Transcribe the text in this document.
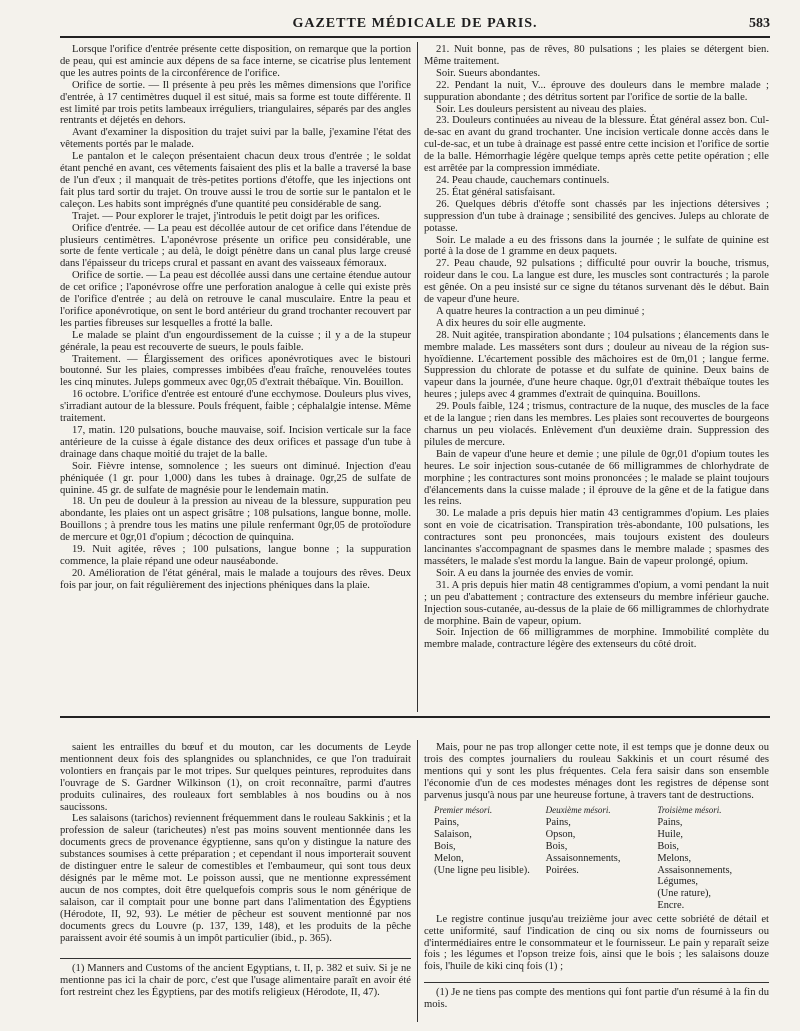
GAZETTE MÉDICALE DE PARIS.	583

Lorsque l'orifice d'entrée présente cette disposition, on remarque que la portion de peau, qui est amincie aux dépens de sa face interne, se cicatrise plus lentement que les autres points de la circonférence de l'orifice.

Orifice de sortie. — Il présente à peu près les mêmes dimensions que l'orifice d'entrée, à 17 centimètres duquel il est situé, mais sa forme est toute différente. Il est limité par trois petits lambeaux irréguliers, triangulaires, séparés par des angles rentrants et déjetés en dehors.

Avant d'examiner la disposition du trajet suivi par la balle, j'examine l'état des vêtements portés par le malade.

Le pantalon et le caleçon présentaient chacun deux trous d'entrée ; le soldat étant penché en avant, ces vêtements faisaient des plis et la balle a traversé la base de l'un d'eux ; il manquait de très-petites portions d'étoffe, que les injections ont fait plus tard sortir du trajet. On trouve aussi le trou de sortie sur le pantalon et le caleçon. Les habits sont imprégnés d'une quantité peu considérable de sang.

Trajet. — Pour explorer le trajet, j'introduis le petit doigt par les orifices.

Orifice d'entrée. — La peau est décollée autour de cet orifice dans l'étendue de plusieurs centimètres. L'aponévrose présente un orifice peu considérable, une sorte de fente verticale ; au delà, le doigt pénètre dans un canal plus large creusé dans l'épaisseur du triceps crural et passant en avant des vaisseaux fémoraux.

Orifice de sortie. — La peau est décollée aussi dans une certaine étendue autour de cet orifice ; l'aponévrose offre une perforation analogue à celle qui existe près de l'orifice d'entrée ; au delà on retrouve le canal musculaire. Entre la peau et l'orifice aponévrotique, on sent le bord antérieur du grand trochanter recouvert par les parties fibreuses sur lesquelles a frotté la balle.

Le malade se plaint d'un engourdissement de la cuisse ; il y a de la stupeur générale, la peau est recouverte de sueurs, le pouls faible.

Traitement. — Élargissement des orifices aponévrotiques avec le bistouri boutonné. Sur les plaies, compresses imbibées d'eau fraîche, renouvelées toutes les cinq minutes. Juleps gommeux avec 0gr,05 d'extrait thébaïque. Vin. Bouillon.

16 octobre. L'orifice d'entrée est entouré d'une ecchymose. Douleurs plus vives, s'irradiant autour de la blessure. Pouls fréquent, faible ; céphalalgie intense. Même traitement.

17, matin. 120 pulsations, bouche mauvaise, soif. Incision verticale sur la face antérieure de la cuisse à égale distance des deux orifices et passage d'un tube à drainage dans chaque moitié du trajet de la balle.

Soir. Fièvre intense, somnolence ; les sueurs ont diminué. Injection d'eau phéniquée (1 gr. pour 1,000) dans les tubes à drainage. 0gr,25 de sulfate de quinine. 45 gr. de sulfate de magnésie pour le lendemain matin.

18. Un peu de douleur à la pression au niveau de la blessure, suppuration peu abondante, les plaies ont un aspect grisâtre ; 108 pulsations, langue bonne, molle. Bouillons ; à prendre tous les matins une pilule renfermant 0gr,05 de protoïodure de mercure et 0gr,01 d'opium ; décoction de quinquina.

19. Nuit agitée, rêves ; 100 pulsations, langue bonne ; la suppuration commence, la plaie répand une odeur nauséabonde.

20. Amélioration de l'état général, mais le malade a toujours des rêves. Deux fois par jour, on fait régulièrement des injections phéniques dans la plaie.

21. Nuit bonne, pas de rêves, 80 pulsations ; les plaies se détergent bien. Même traitement.

Soir. Sueurs abondantes.

22. Pendant la nuit, V... éprouve des douleurs dans le membre malade ; suppuration abondante ; des détritus sortent par l'orifice de sortie de la balle.

Soir. Les douleurs persistent au niveau des plaies.

23. Douleurs continuées au niveau de la blessure. État général assez bon. Cul-de-sac en avant du grand trochanter. Une incision verticale donne accès dans le cul-de-sac, et un tube à drainage est passé entre cette incision et l'orifice de sortie de la balle. Hémorrhagie légère quelque temps après cette petite opération ; elle est arrêtée par la compression immédiate.

24. Peau chaude, cauchemars continuels.

25. État général satisfaisant.

26. Quelques débris d'étoffe sont chassés par les injections détersives ; suppression d'un tube à drainage ; sensibilité des gencives. Juleps au chlorate de potasse.

Soir. Le malade a eu des frissons dans la journée ; le sulfate de quinine est porté à la dose de 1 gramme en deux paquets.

27. Peau chaude, 92 pulsations ; difficulté pour ouvrir la bouche, trismus, roideur dans le cou. La langue est dure, les muscles sont contracturés ; la parole est gênée. On a peu insisté sur ce signe du tétanos survenant dès le début. Bain de vapeur d'une heure.

A quatre heures la contraction a un peu diminué ;

A dix heures du soir elle augmente.

28. Nuit agitée, transpiration abondante ; 104 pulsations ; élancements dans le membre malade. Les masséters sont durs ; douleur au niveau de la région sus-hyoïdienne. L'écartement possible des mâchoires est de 0m,01 ; langue ferme. Suppression du chlorate de potasse et du sulfate de quinine. Deux bains de vapeur dans la journée, d'une heure chaque. 0gr,01 d'extrait thébaïque toutes les heures ; juleps avec 4 grammes d'extrait de quinquina. Bouillons.

29. Pouls faible, 124 ; trismus, contracture de la nuque, des muscles de la face et de la langue ; rien dans les membres. Les plaies sont recouvertes de bourgeons charnus un peu violacés. Enlèvement d'un deuxième drain. Suppression des pilules de mercure.

Bain de vapeur d'une heure et demie ; une pilule de 0gr,01 d'opium toutes les heures. Le soir injection sous-cutanée de 66 milligrammes de chlorhydrate de morphine ; les contractures sont moins prononcées ; le malade se plaint toujours d'élancements dans la cuisse malade ; il éprouve de la gêne et de la fatigue dans les reins.

30. Le malade a pris depuis hier matin 43 centigrammes d'opium. Les plaies sont en voie de cicatrisation. Transpiration très-abondante, 100 pulsations, les contractures sont peu prononcées, mais toujours existent des douleurs lancinantes s'accompagnant de spasmes dans le membre malade ; spasmes des masséters, le malade s'est mordu la langue. Bain de vapeur prolongé, opium.

Soir. A eu dans la journée des envies de vomir.

31. A pris depuis hier matin 48 centigrammes d'opium, a vomi pendant la nuit ; un peu d'abattement ; contracture des extenseurs du membre inférieur gauche. Injection sous-cutanée, au-dessus de la plaie de 66 milligrammes de chlorhydrate de morphine. Bain de vapeur, opium.

Soir. Injection de 66 milligrammes de morphine. Immobilité complète du membre malade, contracture légère des extenseurs du côté droit.

saient les entrailles du bœuf et du mouton, car les documents de Leyde mentionnent deux fois des splangnides ou splanchnides, ce que l'on traduirait volontiers en français par le mot tripes. Sur quelques peintures, reproduites dans l'ouvrage de S. Gardner Wilkinson (1), on croit reconnaître, parmi d'autres produits culinaires, des rouleaux fort semblables à nos boudins ou à nos saucissons.

Les salaisons (tarichos) reviennent fréquemment dans le rouleau Sakkinis ; et la profession de saleur (taricheutes) n'est pas moins souvent mentionnée dans les documents grecs de provenance égyptienne, sans qu'on y distingue la nature des substances soumises à cette préparation ; et cependant il nous importerait souvent de distinguer entre le saleur de comestibles et l'embaumeur, qui sont tous deux désignés par le même mot. Le poisson aussi, que ne mentionne expressément aucun de nos comptes, doit être quelquefois compris sous le nom générique de salaison, car il comptait pour une bonne part dans l'alimentation des Égyptiens (Hérodote, II, 92, 93). Le métier de pêcheur est souvent mentionné par nos documents grecs du Louvre (p. 137, 139, 148), et les produits de la pêche paraissent avoir été soumis à un impôt particulier (ibid., p. 365).

Mais, pour ne pas trop allonger cette note, il est temps que je donne deux ou trois des comptes journaliers du rouleau Sakkinis et un court résumé des mentions qui y sont les plus fréquentes. Cela fera saisir dans son ensemble l'économie d'un de ces modestes ménages dont les registres de dépense sont parvenus jusqu'à nous par une heureuse fortune, à travers tant de destructions.

Premier mésori.
Pains,
Salaison,
Bois,
Melon,
(Une ligne peu lisible).
Deuxième mésori.
Pains,
Opson,
Bois,
Assaisonnements,
Poirées.
Troisième mésori.
Pains,
Huile,
Bois,
Melons,
Assaisonnements,
Légumes,
(Une rature),
Encre.

Le registre continue jusqu'au treizième jour avec cette sobriété de détail et cette uniformité, sauf l'indication de cinq ou six noms de fournisseurs ou d'intermédiaires entre le consommateur et le fournisseur. Le pain y reparaît seize fois ; les légumes et l'opson treize fois, ainsi que le bois ; les salaisons douze fois, l'huile de kiki cinq fois (1) ;

(1) Manners and Customs of the ancient Egyptians, t. II, p. 382 et suiv. Si je ne mentionne pas ici la chair de porc, c'est que l'usage alimentaire paraît en avoir été fort restreint chez les Égyptiens, par des motifs religieux (Hérodote, II, 47).	(1) Je ne tiens pas compte des mentions qui font partie d'un résumé à la fin du mois.
